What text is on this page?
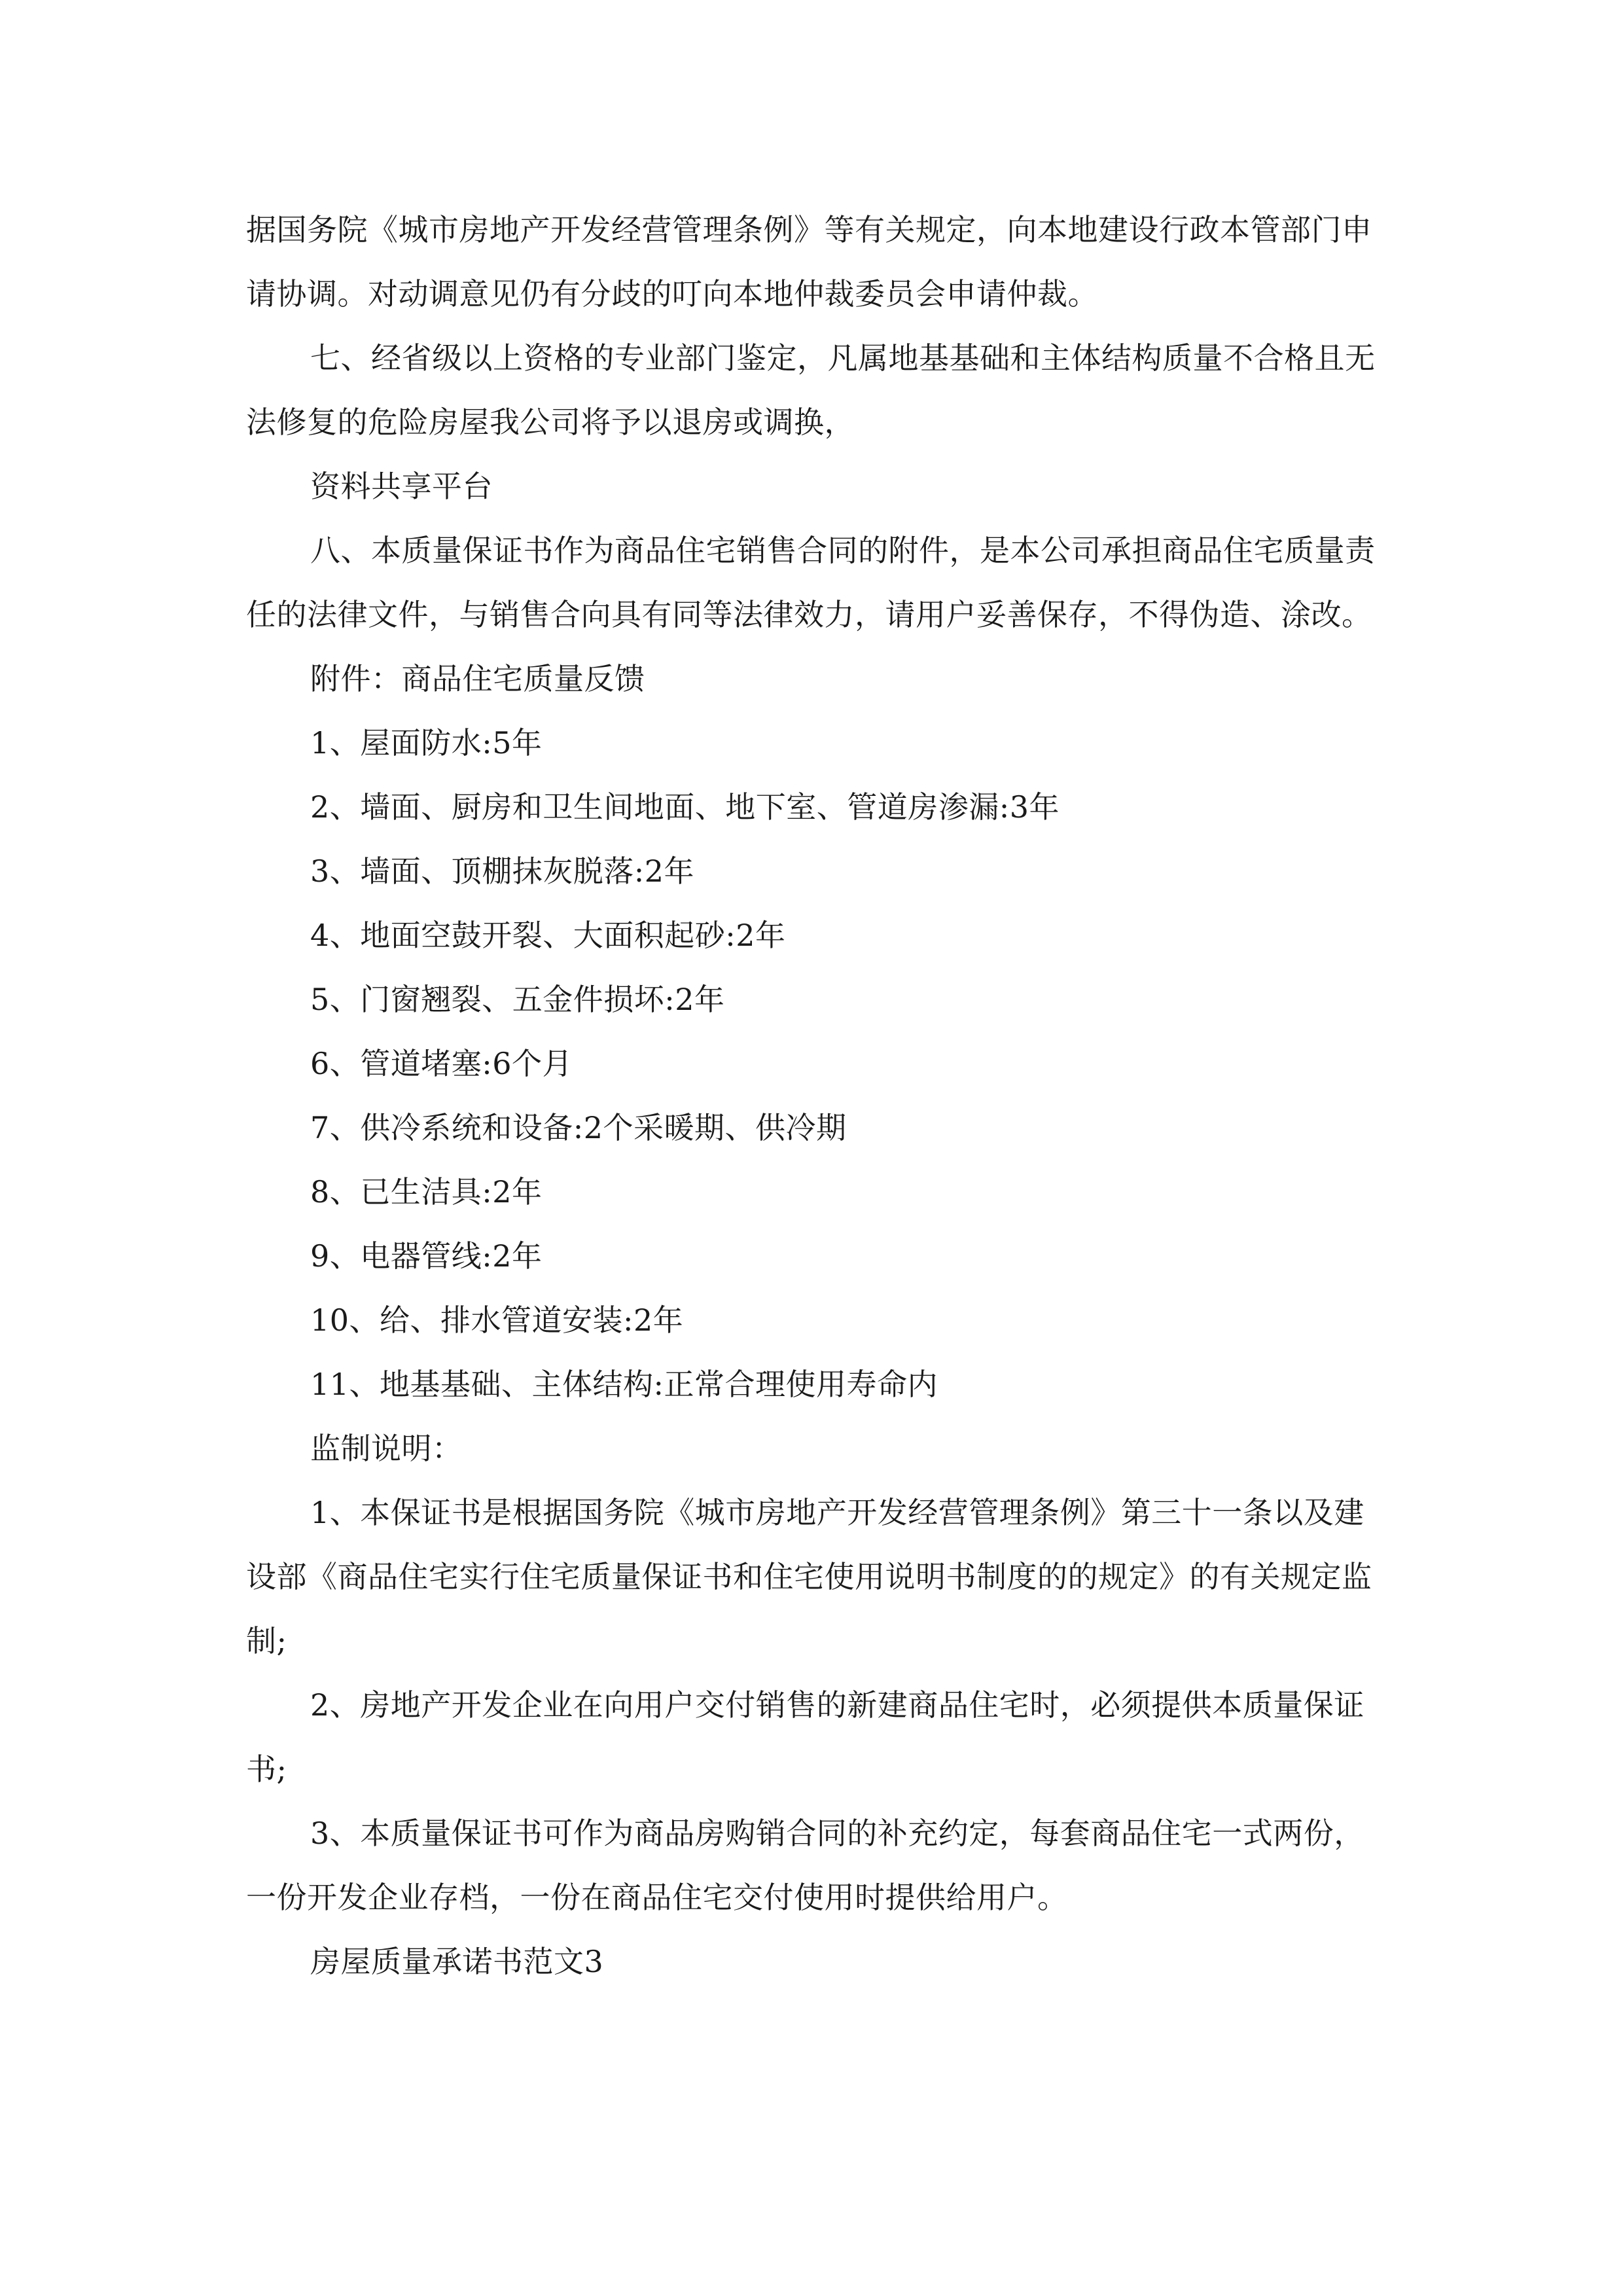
据国务院《城市房地产开发经营管理条例》等有关规定，向本地建设行政本管部门申请协调。对动调意见仍有分歧的叮向本地仲裁委员会申请仲裁。

七、经省级以上资格的专业部门鉴定，凡属地基基础和主体结构质量不合格且无法修复的危险房屋我公司将予以退房或调换，

资料共享平台

八、本质量保证书作为商品住宅销售合同的附件，是本公司承担商品住宅质量责任的法律文件，与销售合向具有同等法律效力，请用户妥善保存，不得伪造、涂改。

附件：商品住宅质量反馈

1、屋面防水:5年

2、墙面、厨房和卫生间地面、地下室、管道房渗漏:3年

3、墙面、顶棚抹灰脱落:2年

4、地面空鼓开裂、大面积起砂:2年

5、门窗翘裂、五金件损坏:2年

6、管道堵塞:6个月

7、供冷系统和设备:2个采暖期、供冷期

8、已生洁具:2年

9、电器管线:2年

10、给、排水管道安装:2年

11、地基基础、主体结构:正常合理使用寿命内

监制说明：

1、本保证书是根据国务院《城市房地产开发经营管理条例》第三十一条以及建设部《商品住宅实行住宅质量保证书和住宅使用说明书制度的的规定》的有关规定监制;

2、房地产开发企业在向用户交付销售的新建商品住宅时，必须提供本质量保证书;

3、本质量保证书可作为商品房购销合同的补充约定，每套商品住宅一式两份，一份开发企业存档，一份在商品住宅交付使用时提供给用户。

房屋质量承诺书范文3
